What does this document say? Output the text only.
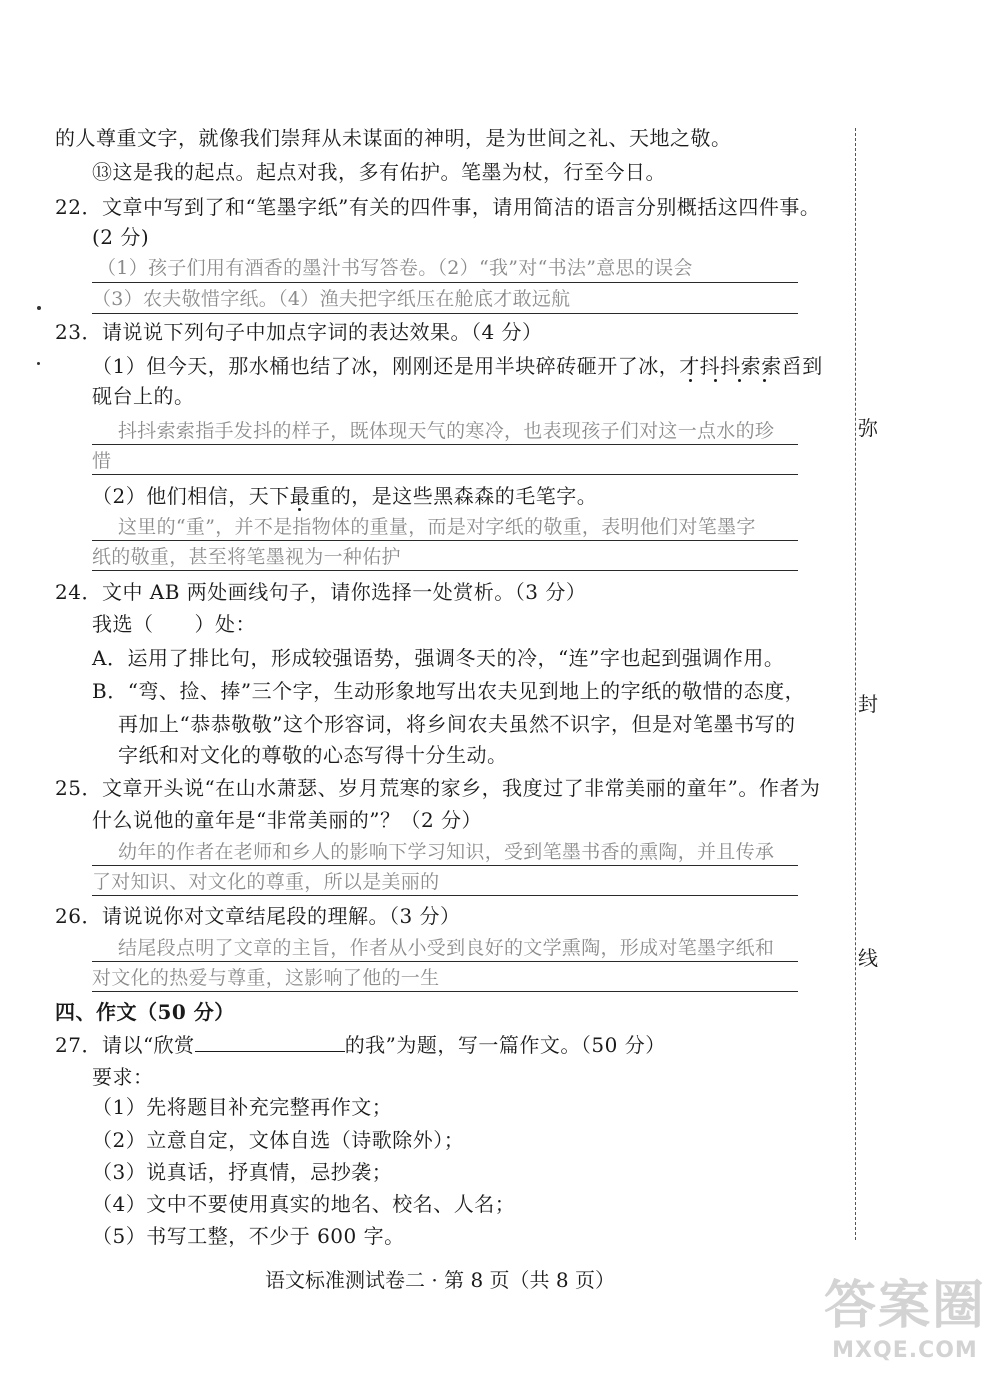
弥
封
线
的人尊重文字，就像我们崇拜从未谋面的神明，是为世间之礼、天地之敬。
⑬这是我的起点。起点对我，多有佑护。笔墨为杖，行至今日。
22．文章中写到了和“笔墨字纸”有关的四件事，请用简洁的语言分别概括这四件事。
(2 分)
（1）孩子们用有酒香的墨汁书写答卷。（2）“我”对“书法”意思的误会
（3）农夫敬惜字纸。（4）渔夫把字纸压在舱底才敢远航
23．请说说下列句子中加点字词的表达效果。（4 分）
（1）但今天，那水桶也结了冰，刚刚还是用半块碎砖砸开了冰，才抖抖索索舀到
砚台上的。
抖抖索索指手发抖的样子，既体现天气的寒冷，也表现孩子们对这一点水的珍
惜
（2）他们相信，天下最重的，是这些黑森森的毛笔字。
这里的“重”，并不是指物体的重量，而是对字纸的敬重，表明他们对笔墨字
纸的敬重，甚至将笔墨视为一种佑护
24．文中 AB 两处画线句子，请你选择一处赏析。（3 分）
我选（　　）处：
A．运用了排比句，形成较强语势，强调冬天的冷，“连”字也起到强调作用。
B．“弯、捡、捧”三个字，生动形象地写出农夫见到地上的字纸的敬惜的态度，
再加上“恭恭敬敬”这个形容词，将乡间农夫虽然不识字，但是对笔墨书写的
字纸和对文化的尊敬的心态写得十分生动。
25．文章开头说“在山水萧瑟、岁月荒寒的家乡，我度过了非常美丽的童年”。作者为
什么说他的童年是“非常美丽的”？（2 分）
幼年的作者在老师和乡人的影响下学习知识，受到笔墨书香的熏陶，并且传承
了对知识、对文化的尊重，所以是美丽的
26．请说说你对文章结尾段的理解。（3 分）
结尾段点明了文章的主旨，作者从小受到良好的文学熏陶，形成对笔墨字纸和
对文化的热爱与尊重，这影响了他的一生
四、作文（50 分）
27．请以“欣赏	的我”为题，写一篇作文。（50 分）
要求：
（1）先将题目补充完整再作文；
（2）立意自定，文体自选（诗歌除外）；
（3）说真话，抒真情，忌抄袭；
（4）文中不要使用真实的地名、校名、人名；
（5）书写工整，不少于 600 字。
语文标准测试卷二 · 第 8 页（共 8 页）	答案圈
MXQE.COM
